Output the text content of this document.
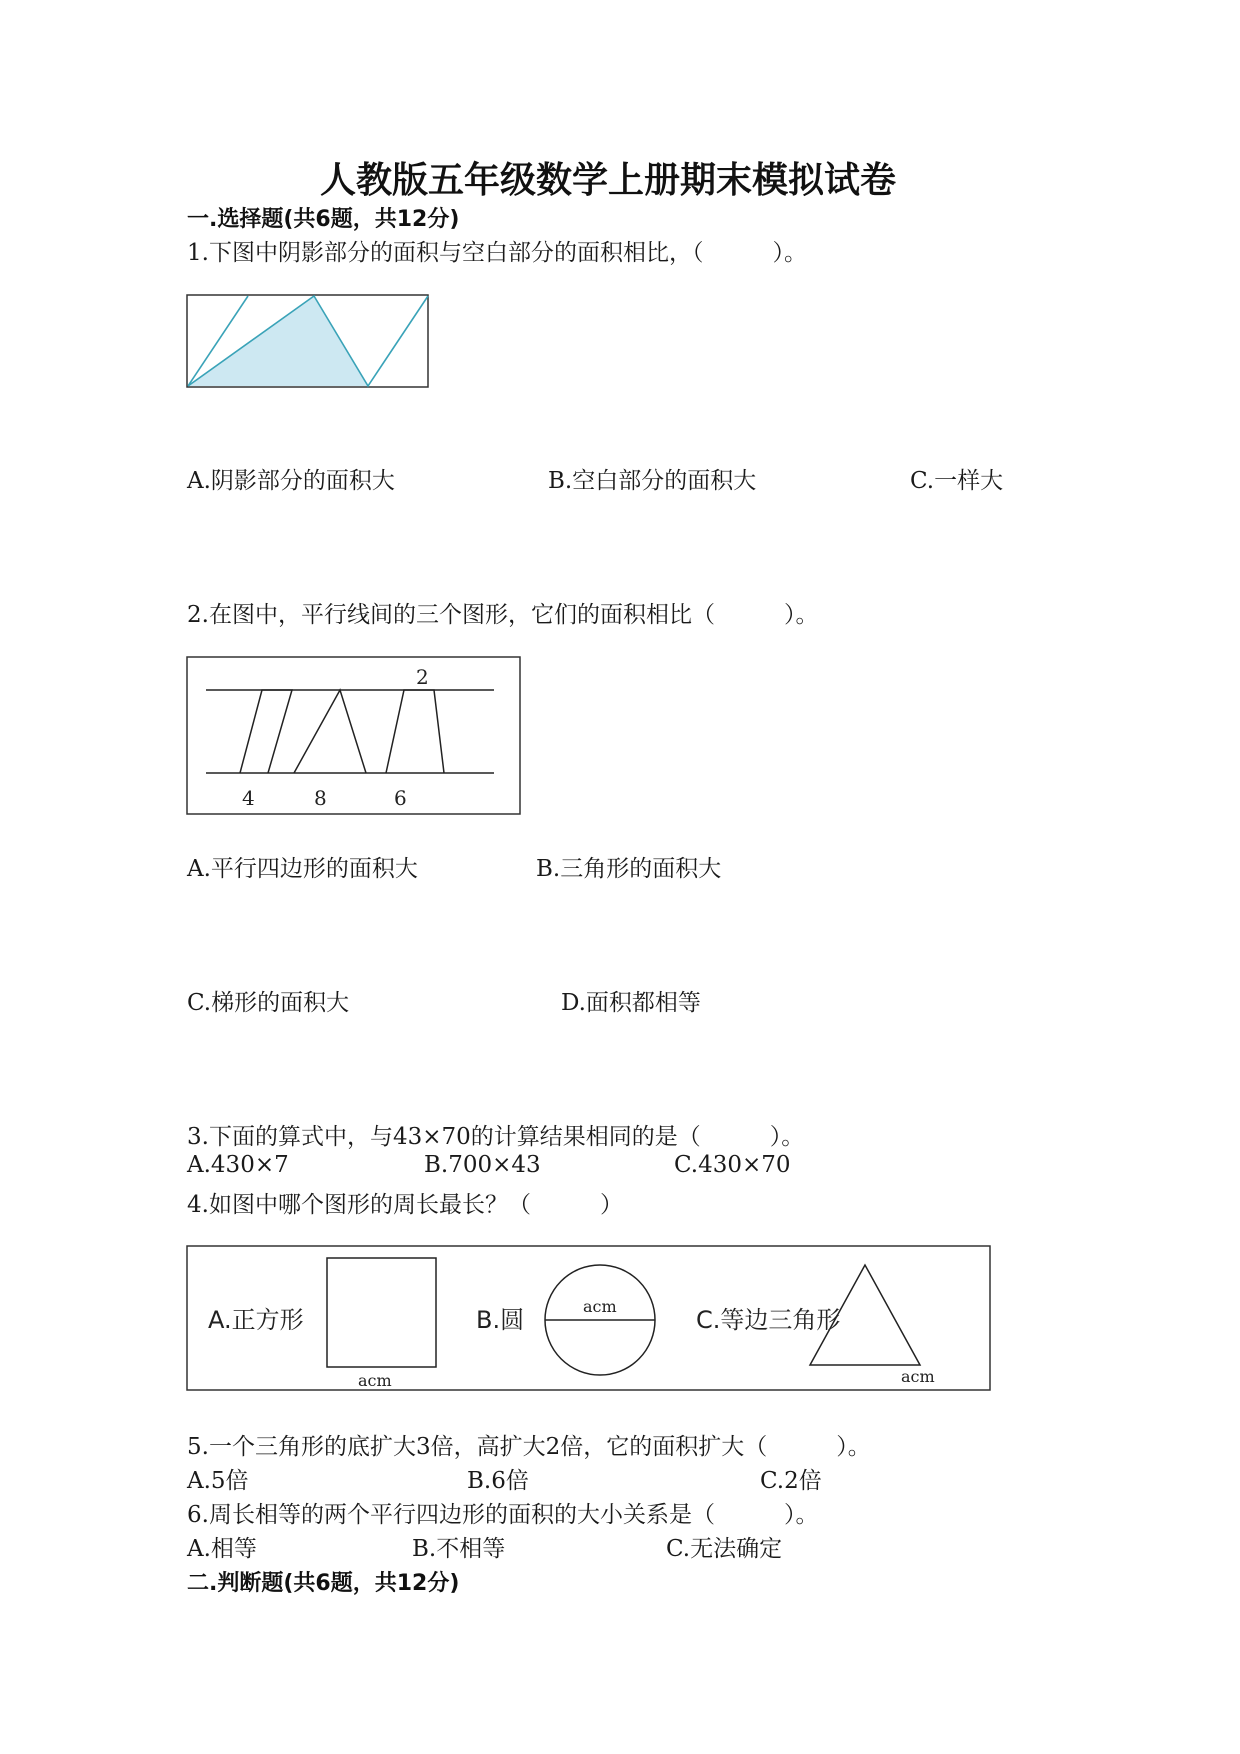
人教版五年级数学上册期末模拟试卷
一.选择题(共6题，共12分)
1.下图中阴影部分的面积与空白部分的面积相比，（　　　）。
A.阴影部分的面积大	B.空白部分的面积大	C.一样大
2.在图中，平行线间的三个图形，它们的面积相比（　　　）。
2
4	8	6
A.平行四边形的面积大	B.三角形的面积大
C.梯形的面积大	D.面积都相等
3.下面的算式中，与43×70的计算结果相同的是（　　　）。
A.430×7	B.700×43	C.430×70
4.如图中哪个图形的周长最长？（　　　）
A.正方形
acm
B.圆	acm	C.等边三角形
acm
5.一个三角形的底扩大3倍，高扩大2倍，它的面积扩大（　　　）。
A.5倍	B.6倍	C.2倍
6.周长相等的两个平行四边形的面积的大小关系是（　　　）。
A.相等	B.不相等	C.无法确定
二.判断题(共6题，共12分)
